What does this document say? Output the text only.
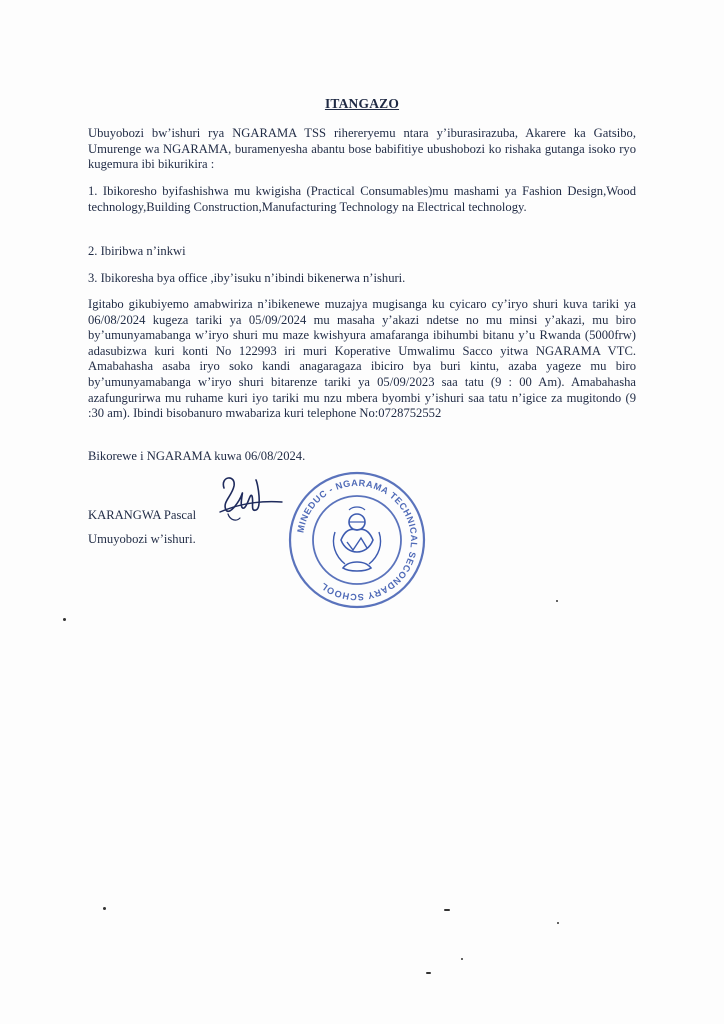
ITANGAZO
Ubuyobozi bw’ishuri rya NGARAMA TSS rihereryemu ntara y’iburasirazuba, Akarere ka Gatsibo, Umurenge wa NGARAMA, buramenyesha abantu bose babifitiye ubushobozi ko rishaka gutanga isoko ryo kugemura ibi bikurikira :
1. Ibikoresho byifashishwa mu kwigisha (Practical Consumables)mu mashami ya Fashion Design,Wood technology,Building Construction,Manufacturing Technology na Electrical technology.
2. Ibiribwa n’inkwi
3. Ibikoresha bya office ,iby’isuku n’ibindi bikenerwa n’ishuri.
Igitabo gikubiyemo amabwiriza n’ibikenewe muzajya mugisanga ku cyicaro cy’iryo shuri kuva tariki ya 06/08/2024 kugeza tariki ya 05/09/2024 mu masaha y’akazi ndetse no mu minsi y’akazi, mu biro by’umunyamabanga w’iryo shuri mu maze kwishyura amafaranga ibihumbi bitanu y’u Rwanda (5000frw) adasubizwa kuri konti No 122993 iri muri Koperative Umwalimu Sacco yitwa NGARAMA VTC. Amabahasha asaba iryo soko kandi anagaragaza ibiciro bya buri kintu, azaba yageze mu biro by’umunyamabanga w’iryo shuri bitarenze tariki ya 05/09/2023 saa tatu (9 : 00 Am). Amabahasha azafungurirwa mu ruhame kuri iyo tariki mu nzu mbera byombi y’ishuri saa tatu n’igice za mugitondo (9 :30 am). Ibindi bisobanuro mwabariza kuri telephone No:0728752552
Bikorewe i NGARAMA kuwa 06/08/2024.
KARANGWA Pascal
Umuyobozi w’ishuri.
MINEDUC - NGARAMA TECHNICAL SECONDARY SCHOOL
